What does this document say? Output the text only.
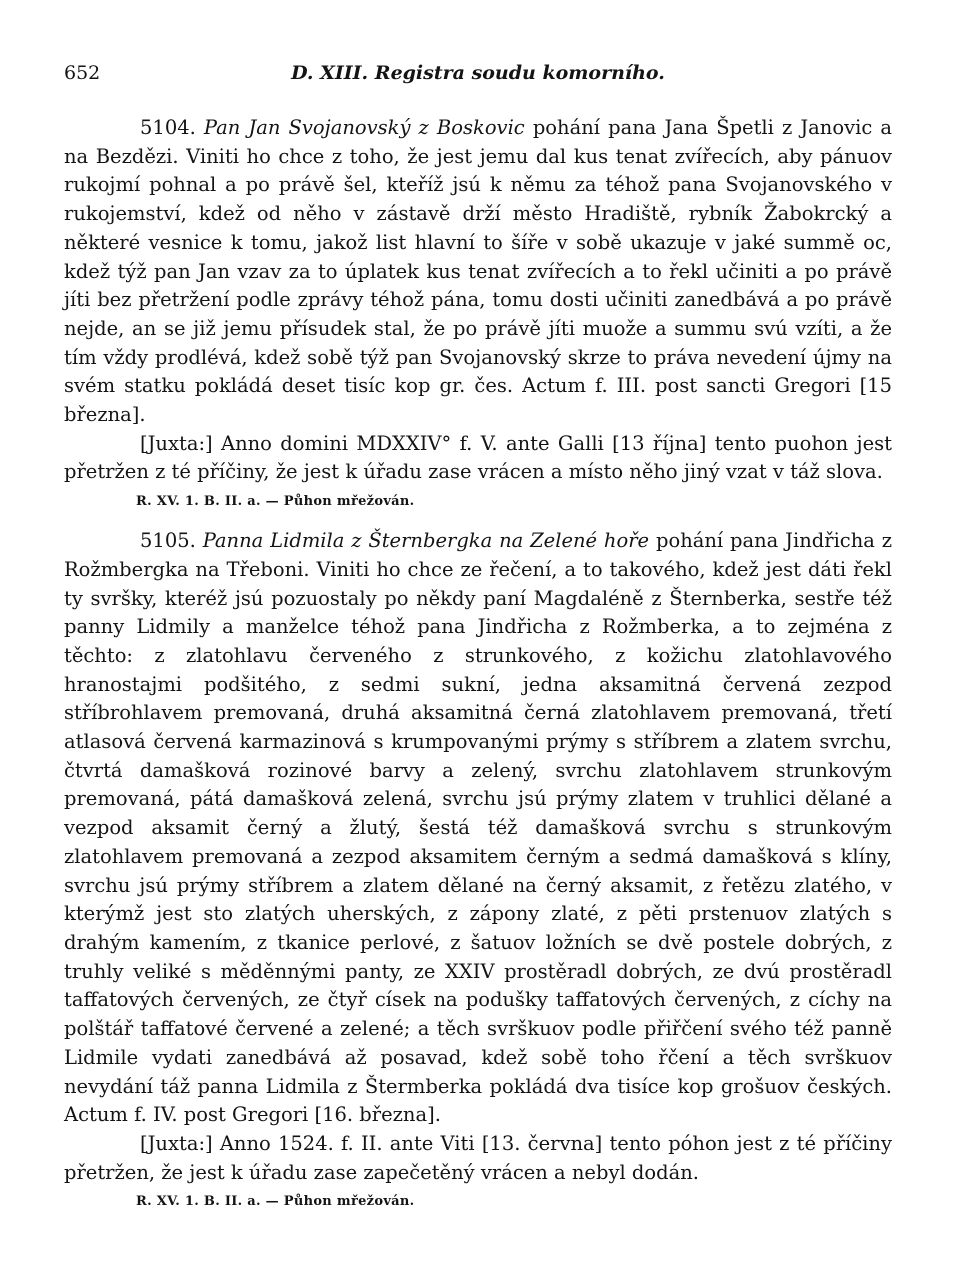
652	D. XIII. Registra soudu komorního.

5104. Pan Jan Svojanovský z Boskovic pohání pana Jana Špetli z Janovic a na Bezdězi. Viniti ho chce z toho, že jest jemu dal kus tenat zvířecích, aby pánuov rukojmí pohnal a po právě šel, kteříž jsú k němu za téhož pana Svojanovského v rukojemství, kdež od něho v zástavě drží město Hradiště, rybník Žabokrcký a některé vesnice k tomu, jakož list hlavní to šíře v sobě ukazuje v jaké summě oc, kdež týž pan Jan vzav za to úplatek kus tenat zvířecích a to řekl učiniti a po právě jíti bez přetržení podle zprávy téhož pána, tomu dosti učiniti zanedbává a po právě nejde, an se již jemu přísudek stal, že po právě jíti muože a summu svú vzíti, a že tím vždy prodlévá, kdež sobě týž pan Svojanovský skrze to práva nevedení újmy na svém statku pokládá deset tisíc kop gr. čes. Actum f. III. post sancti Gregori [15 března].

[Juxta:] Anno domini MDXXIV° f. V. ante Galli [13 října] tento puohon jest přetržen z té příčiny, že jest k úřadu zase vrácen a místo něho jiný vzat v táž slova.

R. XV. 1. B. II. a. — Půhon mřežován.

5105. Panna Lidmila z Šternbergka na Zelené hoře pohání pana Jindřicha z Rožmbergka na Třeboni. Viniti ho chce ze řečení, a to takového, kdež jest dáti řekl ty svršky, kteréž jsú pozuostaly po někdy paní Magdaléně z Šternberka, sestře též panny Lidmily a manželce téhož pana Jindřicha z Rožmberka, a to zejména z těchto: z zlatohlavu červeného z strunkového, z kožichu zlatohlavového hranostajmi podšitého, z sedmi sukní, jedna aksamitná červená zezpod stříbrohlavem premovaná, druhá aksamitná černá zlatohlavem premovaná, třetí atlasová červená karmazinová s krumpovanými prýmy s stříbrem a zlatem svrchu, čtvrtá damašková rozinové barvy a zelený, svrchu zlatohlavem strunkovým premovaná, pátá damašková zelená, svrchu jsú prýmy zlatem v truhlici dělané a vezpod aksamit černý a žlutý, šestá též damašková svrchu s strunkovým zlatohlavem premovaná a zezpod aksamitem černým a sedmá damašková s klíny, svrchu jsú prýmy stříbrem a zlatem dělané na černý aksamit, z řetězu zlatého, v kterýmž jest sto zlatých uherských, z zápony zlaté, z pěti prstenuov zlatých s drahým kamením, z tkanice perlové, z šatuov ložních se dvě postele dobrých, z truhly veliké s měděnnými panty, ze XXIV prostěradl dobrých, ze dvú prostěradl taffatových červených, ze čtyř císek na podušky taffatových červených, z cíchy na polštář taffatové červené a zelené; a těch svrškuov podle přiřčení svého též panně Lidmile vydati zanedbává až posavad, kdež sobě toho řčení a těch svrškuov nevydání táž panna Lidmila z Štermberka pokládá dva tisíce kop grošuov českých. Actum f. IV. post Gregori [16. března].

[Juxta:] Anno 1524. f. II. ante Viti [13. června] tento póhon jest z té příčiny přetržen, že jest k úřadu zase zapečetěný vrácen a nebyl dodán.

R. XV. 1. B. II. a. — Půhon mřežován.
